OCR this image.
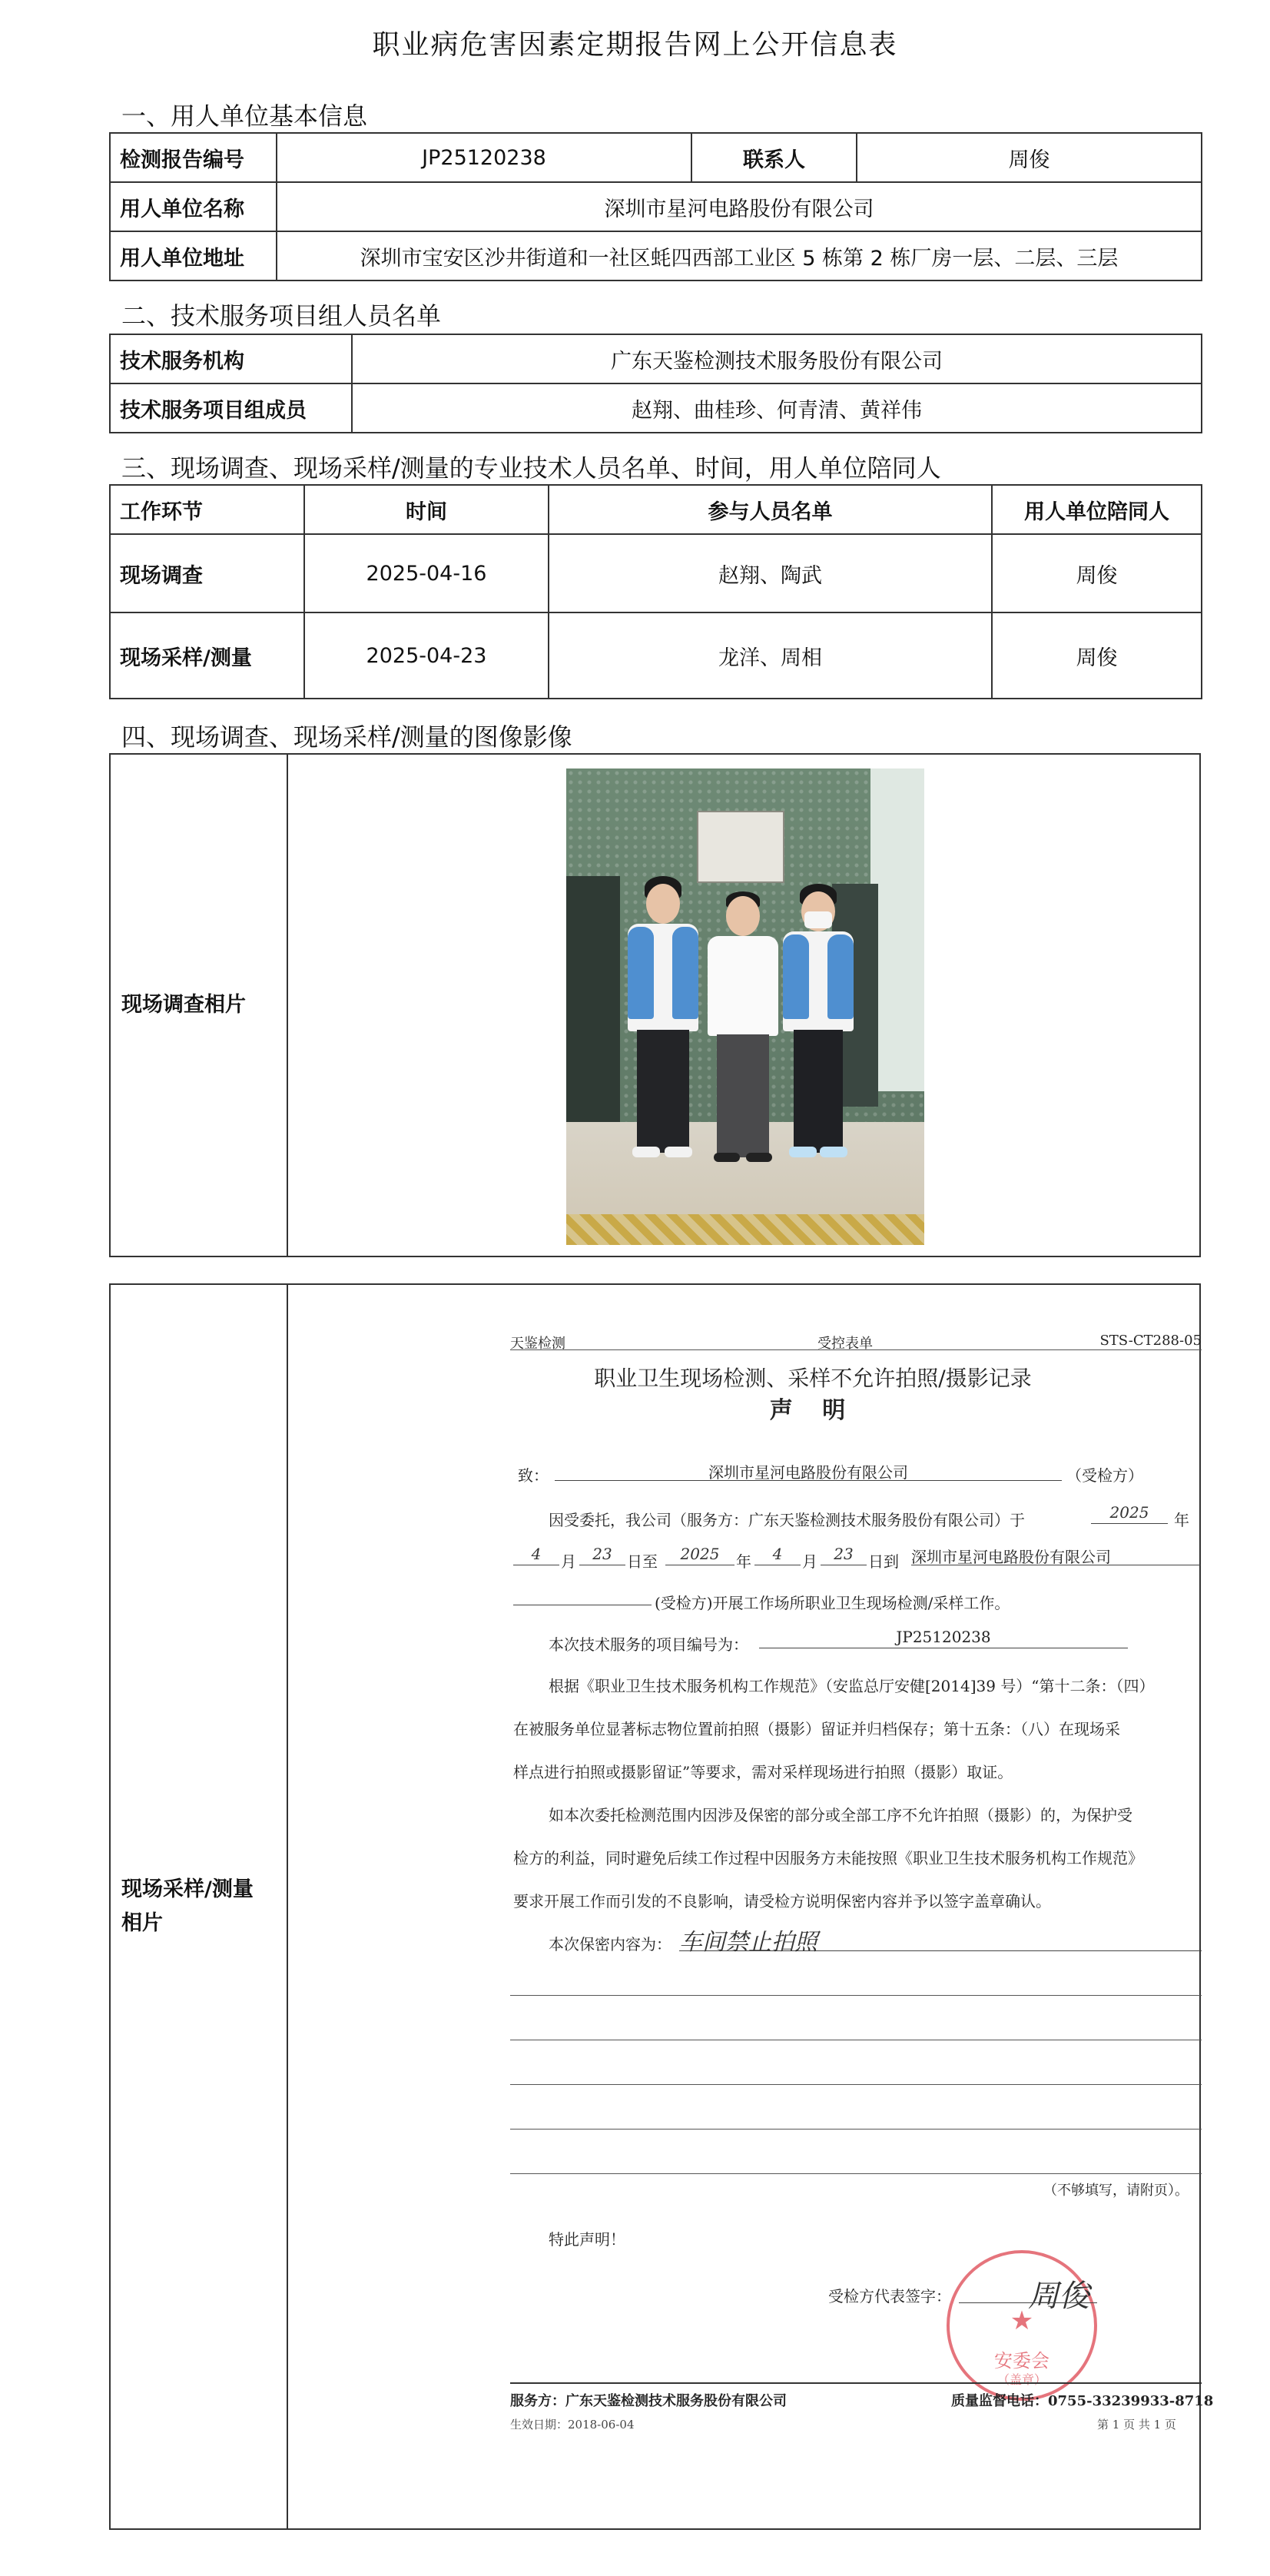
职业病危害因素定期报告网上公开信息表
一、用人单位基本信息
检测报告编号	JP25120238	联系人	周俊
用人单位名称	深圳市星河电路股份有限公司		
用人单位地址	深圳市宝安区沙井街道和一社区蚝四西部工业区 5 栋第 2 栋厂房一层、二层、三层		
二、技术服务项目组人员名单
技术服务机构	广东天鉴检测技术服务股份有限公司
技术服务项目组成员	赵翔、曲桂珍、何青清、黄祥伟
三、现场调查、现场采样/测量的专业技术人员名单、时间，用人单位陪同人
工作环节	时间	参与人员名单	用人单位陪同人
现场调查	2025-04-16	赵翔、陶武	周俊
现场采样/测量	2025-04-23	龙洋、周相	周俊
四、现场调查、现场采样/测量的图像影像
现场调查相片
现场采样/测量相片
天鉴检测	受控表单	STS-CT288-05
职业卫生现场检测、采样不允许拍照/摄影记录
声 明
致：	深圳市星河电路股份有限公司	（受检方）
因受委托，我公司（服务方：广东天鉴检测技术服务股份有限公司）于	2025	年
4	月	23 日至	2025	年	4	月	23 日到 深圳市星河电路股份有限公司
(受检方)开展工作场所职业卫生现场检测/采样工作。
本次技术服务的项目编号为：	JP25120238
根据《职业卫生技术服务机构工作规范》（安监总厅安健[2014]39 号）“第十二条：（四）
在被服务单位显著标志物位置前拍照（摄影）留证并归档保存；第十五条：（八）在现场采
样点进行拍照或摄影留证”等要求，需对采样现场进行拍照（摄影）取证。
如本次委托检测范围内因涉及保密的部分或全部工序不允许拍照（摄影）的，为保护受
检方的利益，同时避免后续工作过程中因服务方未能按照《职业卫生技术服务机构工作规范》
要求开展工作而引发的不良影响，请受检方说明保密内容并予以签字盖章确认。
本次保密内容为： 车间禁止拍照
（不够填写，请附页）。
特此声明！
★
安委会
（盖章）
受检方代表签字：	周俊
服务方：广东天鉴检测技术服务股份有限公司	质量监督电话：0755-33239933-8718
生效日期：2018-06-04	第 1 页 共 1 页
